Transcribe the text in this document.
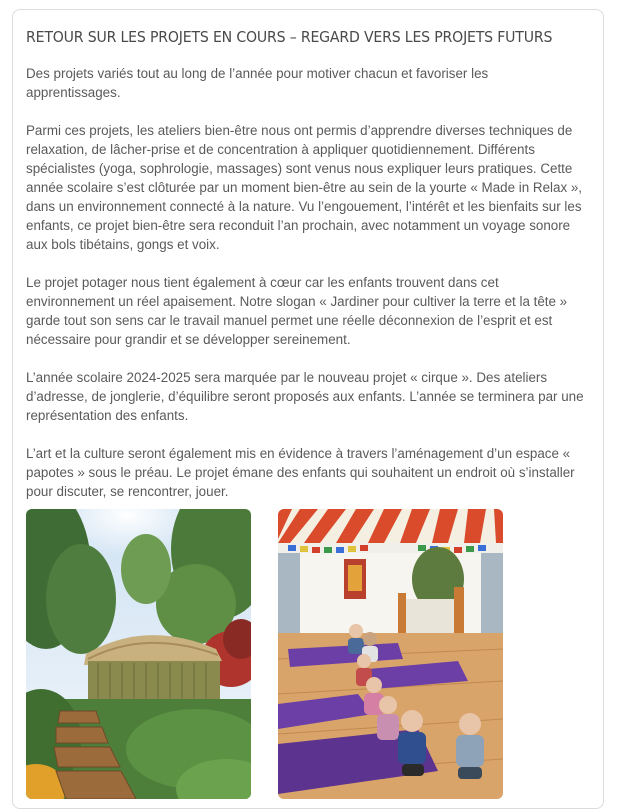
RETOUR SUR LES PROJETS EN COURS – REGARD VERS LES PROJETS FUTURS

Des projets variés tout au long de l’année pour motiver chacun et favoriser les apprentissages.

Parmi ces projets, les ateliers bien-être nous ont permis d’apprendre diverses techniques de relaxation, de lâcher-prise et de concentration à appliquer quotidiennement. Différents spécialistes (yoga, sophrologie, massages) sont venus nous expliquer leurs pratiques. Cette année scolaire s’est clôturée par un moment bien-être au sein de la yourte « Made in Relax », dans un environnement connecté à la nature. Vu l’engouement, l’intérêt et les bienfaits sur les enfants, ce projet bien-être sera reconduit l’an prochain, avec notamment un voyage sonore aux bols tibétains, gongs et voix.

Le projet potager nous tient également à cœur car les enfants trouvent dans cet environnement un réel apaisement. Notre slogan « Jardiner pour cultiver la terre et la tête » garde tout son sens car le travail manuel permet une réelle déconnexion de l’esprit et est nécessaire pour grandir et se développer sereinement.

L’année scolaire 2024-2025 sera marquée par le nouveau projet « cirque ». Des ateliers d’adresse, de jonglerie, d’équilibre seront proposés aux enfants. L’année se terminera par une représentation des enfants.

L’art et la culture seront également mis en évidence à travers l’aménagement d’un espace « papotes » sous le préau. Le projet émane des enfants qui souhaitent un endroit où s’installer pour discuter, se rencontrer, jouer.
